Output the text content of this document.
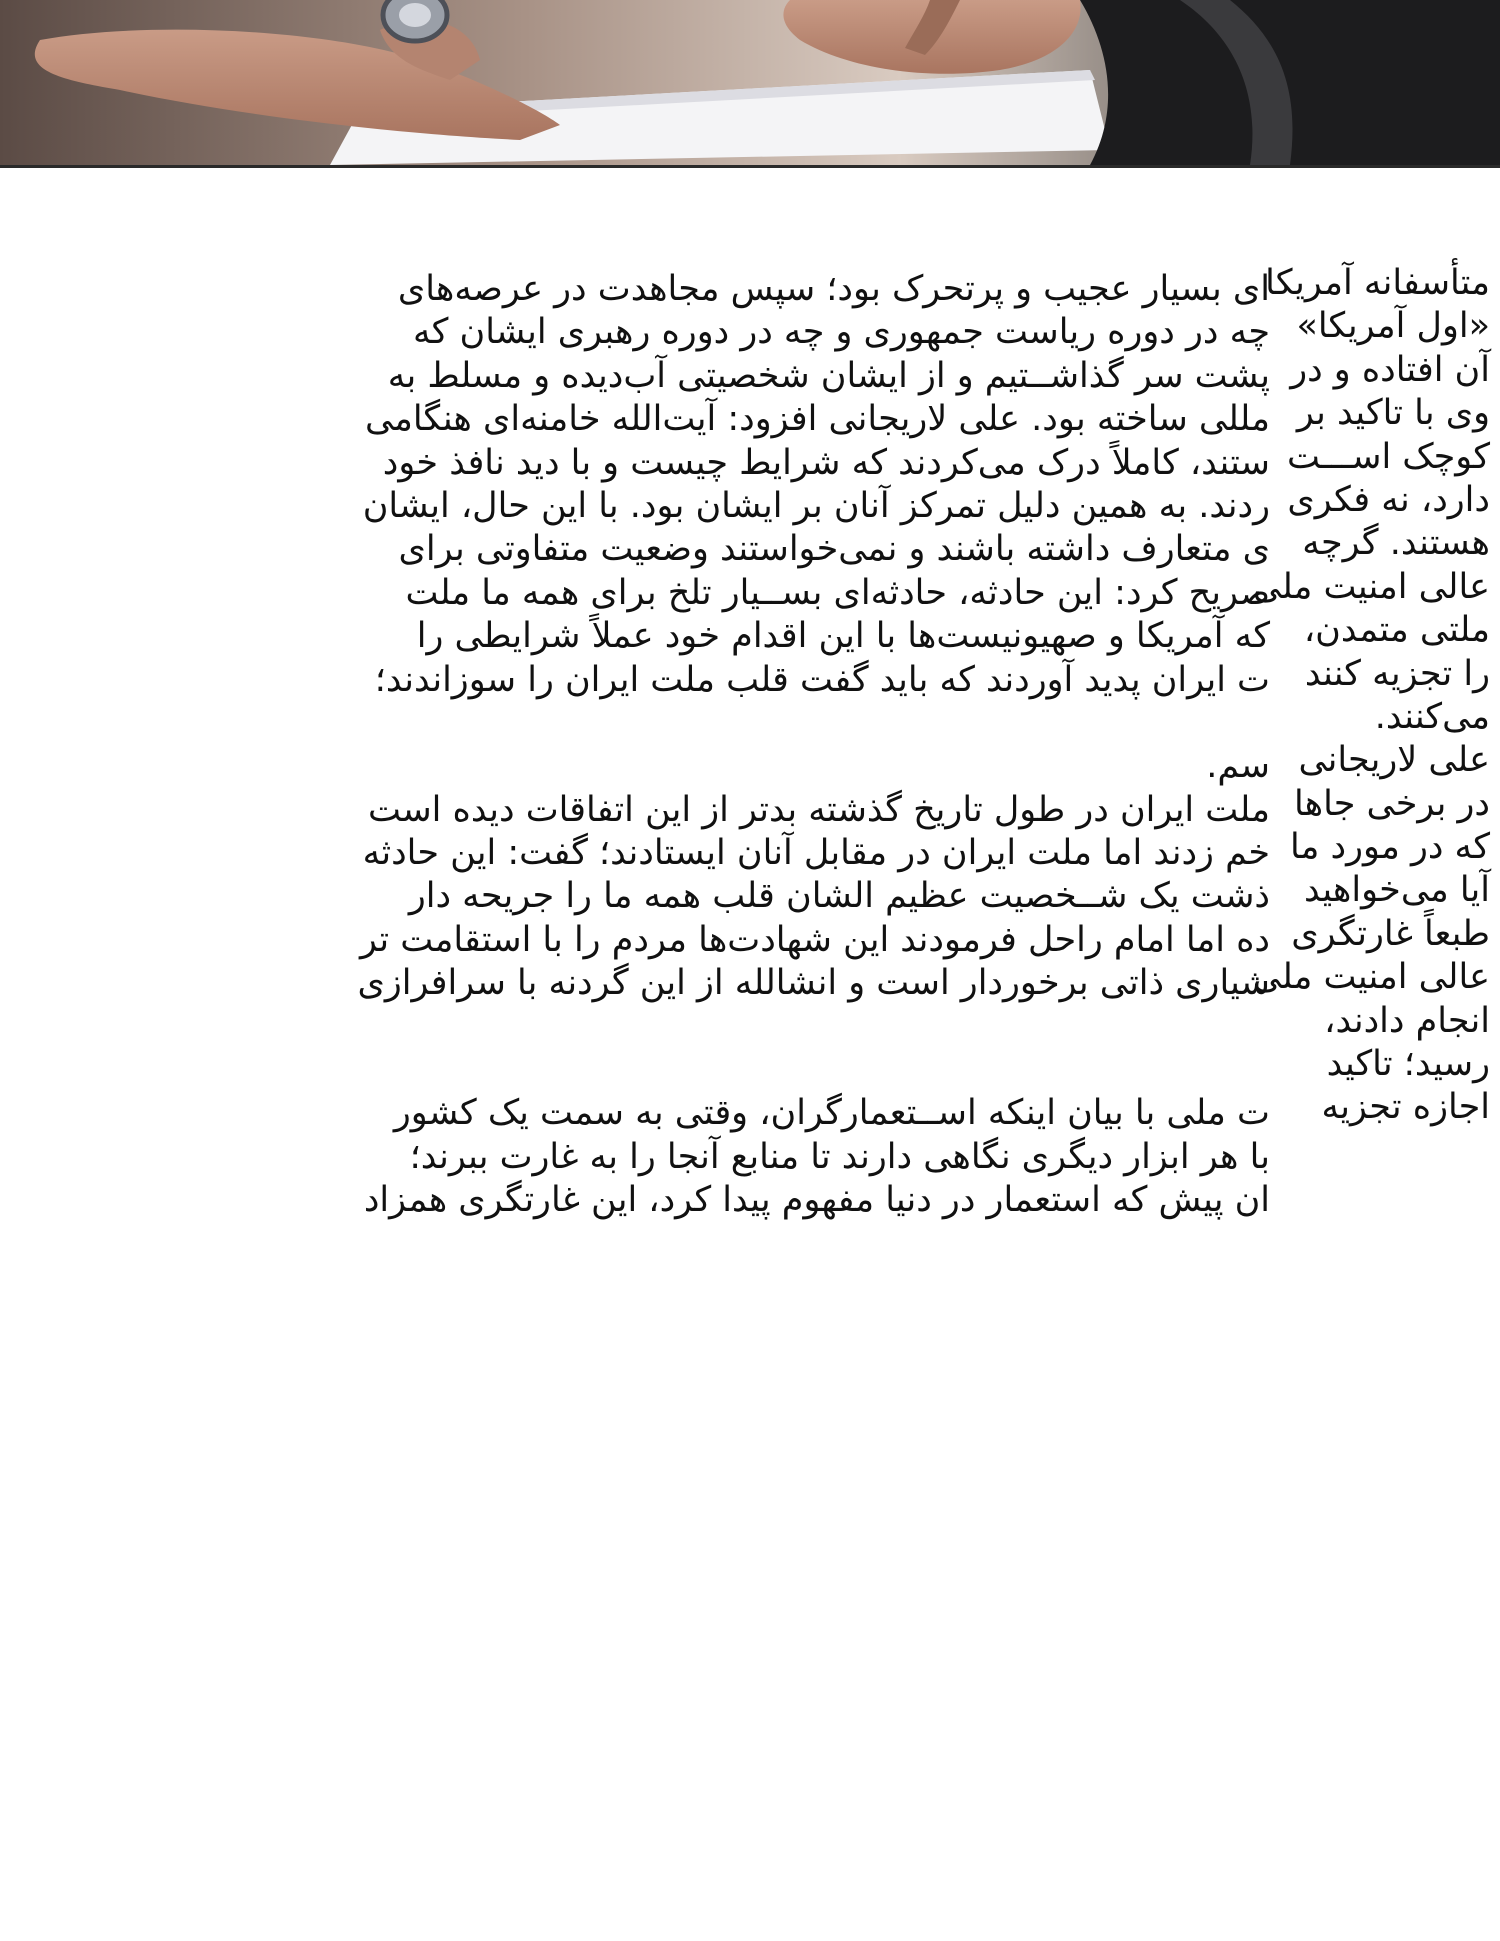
ای بسیار عجیب و پرتحرک بود؛ سپس مجاهدت در عرصه‌های
چه در دوره ریاست جمهوری و چه در دوره رهبری ایشان که
پشت سر گذاشــتیم و از ایشان شخصیتی آب‌دیده و مسلط به
مللی ساخته بود. علی لاریجانی افزود: آیت‌الله خامنه‌ای هنگامی
ستند، کاملاً درک می‌کردند که شرایط چیست و با دید نافذ خود
ردند. به همین دلیل تمرکز آنان بر ایشان بود. با این حال، ایشان
ی متعارف داشته باشند و نمی‌خواستند وضعیت متفاوتی برای
صریح کرد: این حادثه، حادثه‌ای بســیار تلخ برای همه ما ملت
که آمریکا و صهیونیست‌ها با این اقدام خود عملاً شرایطی را
ت ایران پدید آوردند که باید گفت قلب ملت ایران را سوزاندند؛
سم.
ملت ایران در طول تاریخ گذشته بدتر از این اتفاقات دیده است
خم زدند اما ملت ایران در مقابل آنان ایستادند؛ گفت: این حادثه
ذشت یک شــخصیت عظیم الشان قلب همه ما را جریحه دار
ده اما امام راحل فرمودند این شهادت‌ها مردم را با استقامت تر
شیاری ذاتی برخوردار است و انشالله از این گردنه با سرافرازی
ت ملی با بیان اینکه اســتعمارگران، وقتی به سمت یک کشور
با هر ابزار دیگری نگاهی دارند تا منابع آنجا را به غارت ببرند؛
ان پیش که استعمار در دنیا مفهوم پیدا کرد، این غارتگری همزاد
متأسفانه آمریکا
«اول آمریکا»
آن افتاده و در
وی با تاکید بر
کوچک اســـت
دارد، نه فکری
هستند. گرچه
عالی امنیت ملی
ملتی متمدن،
را تجزیه کنند
می‌کنند.
علی لاریجانی
در برخی جاها
که در مورد ما
آیا می‌خواهید
طبعاً غارتگری
عالی امنیت ملی
انجام دادند،
رسید؛ تاکید
اجازه تجزیه
